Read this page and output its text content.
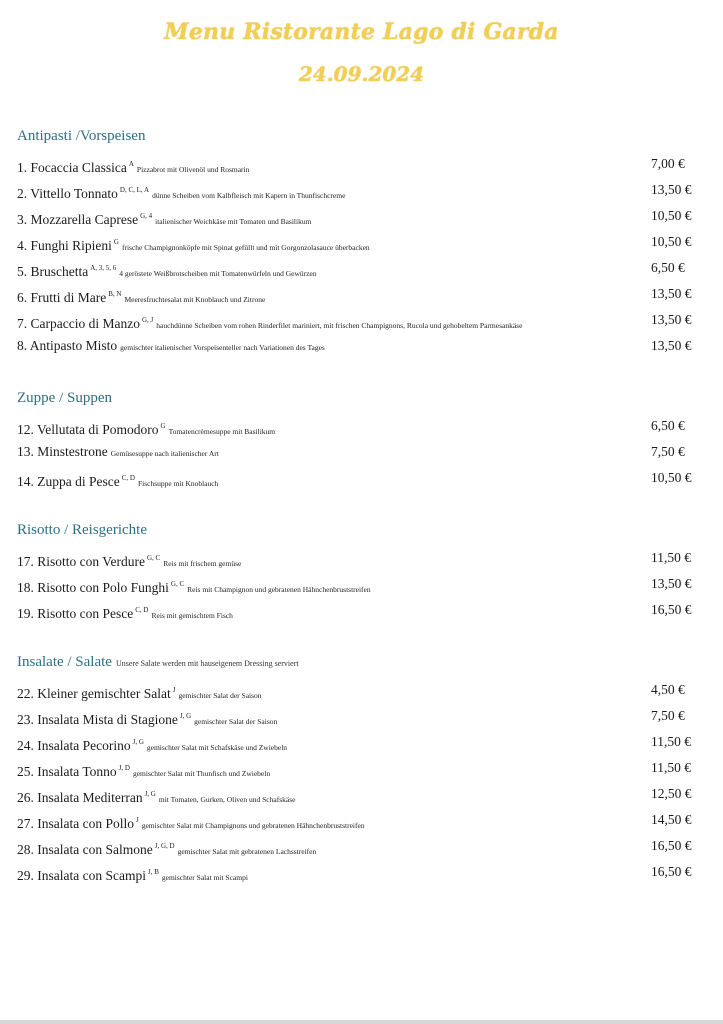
Menu Ristorante Lago di Garda
24.09.2024
Antipasti /Vorspeisen
1. Focaccia Classica $^A$Pizzabrot mit Olivenöl und Rosmarin	7,00 €
2. Vittello Tonnato $^{D, C, L, A}$dünne Scheiben vom Kalbfleisch mit Kapern in Thunfischcreme	13,50 €
3. Mozzarella Caprese $^{G, 4}$italienischer Weichkäse mit Tomaten und Basilikum	10,50 €
4. Funghi Ripieni $^G$frische Champignonköpfe mit Spinat gefüllt und mit Gorgonzolasauce überbacken	10,50 €
5. Bruschetta $^{A, 3, 5, 6}$4 geröstete Weißbrotscheiben mit Tomatenwürfeln und Gewürzen	6,50 €
6. Frutti di Mare $^{B, N}$Meeresfruchtesalat mit Knoblauch und Zitrone	13,50 €
7. Carpaccio di Manzo $^{G, J}$hauchdünne Scheiben vom rohen Rinderfilet mariniert, mit frischen Champignons, Rucola und gehobeltem Parmesankäse	13,50 €
8. Antipasto Misto gemischter italienischer Vorspeisenteller nach Variationen des Tages	13,50 €
Zuppe / Suppen
12. Vellutata di Pomodoro $^G$Tomatencrèmesuppe mit Basilikum	6,50 €
13. Minstestrone Gemüsesuppe nach italienischer Art	7,50 €
14. Zuppa di Pesce $^{C, D}$Fischsuppe mit Knoblauch	10,50 €
Risotto / Reisgerichte
17. Risotto con Verdure $^{G, C}$Reis mit frischem gemüse	11,50 €
18. Risotto con Polo Funghi $^{G, C}$Reis mit Champignon und gebratenen Hähnchenbruststreifen	13,50 €
19. Risotto con Pesce $^{C, D}$Reis mit gemischtem Fisch	16,50 €
Insalate / Salate Unsere Salate werden mit hauseigenem Dressing serviert
22. Kleiner gemischter Salat $^J$gemischter Salat der Saison	4,50 €
23. Insalata Mista di Stagione $^{J, G}$gemischter Salat der Saison	7,50 €
24. Insalata Pecorino $^{J, G}$gemischter Salat mit Schafskäse und Zwiebeln	11,50 €
25. Insalata Tonno $^{J, D}$gemischter Salat mit Thunfisch und Zwiebeln	11,50 €
26. Insalata Mediterran $^{J, G}$mit Tomaten, Gurken, Oliven und Schafskäse	12,50 €
27. Insalata con Pollo $^J$gemischter Salat mit Champignons und gebratenen Hähnchenbruststreifen	14,50 €
28. Insalata con Salmone $^{J, G, D}$gemischter Salat mit gebratenen Lachsstreifen	16,50 €
29. Insalata con Scampi $^{J, B}$gemischter Salat mit Scampi	16,50 €
